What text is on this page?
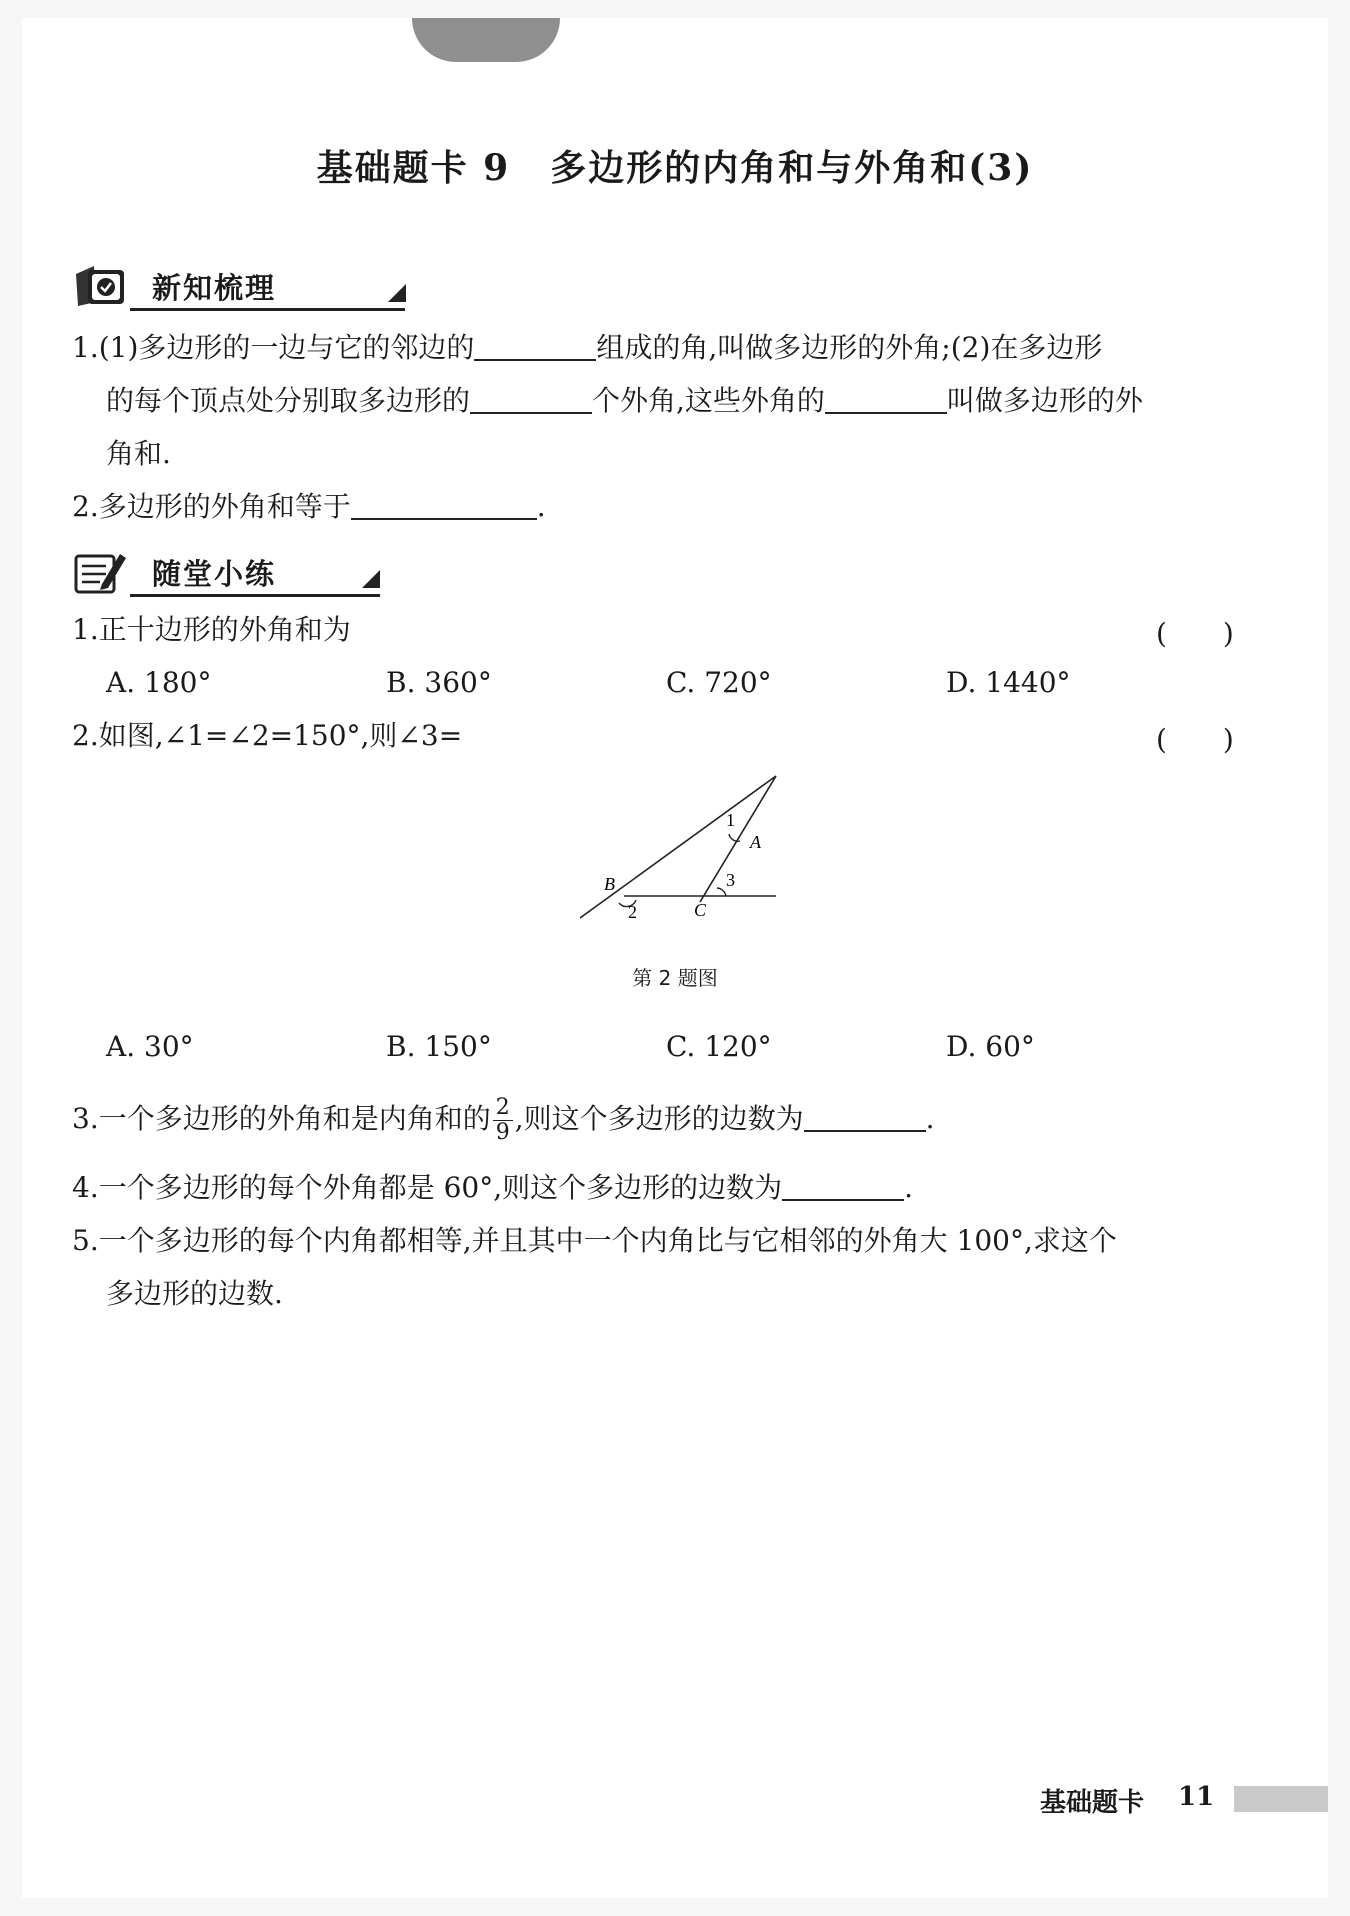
基础题卡 9 多边形的内角和与外角和(3)
新知梳理
1.(1)多边形的一边与它的邻边的	组成的角,叫做多边形的外角;(2)在多边形
的每个顶点处分别取多边形的	个外角,这些外角的	叫做多边形的外
角和.
2.多边形的外角和等于	.
随堂小练
1.正十边形的外角和为	(　　)
A. 180°	B. 360°	C. 720°	D. 1440°
2.如图,∠1=∠2=150°,则∠3=	(　　)
1
A
3
B
2	C
第 2 题图
A. 30°	B. 150°	C. 120°	D. 60°
3.一个多边形的外角和是内角和的 $\frac{2}{9}$ ,则这个多边形的边数为	.
4.一个多边形的每个外角都是 60°,则这个多边形的边数为	.
5.一个多边形的每个内角都相等,并且其中一个内角比与它相邻的外角大 100°,求这个
多边形的边数.
基础题卡 11
